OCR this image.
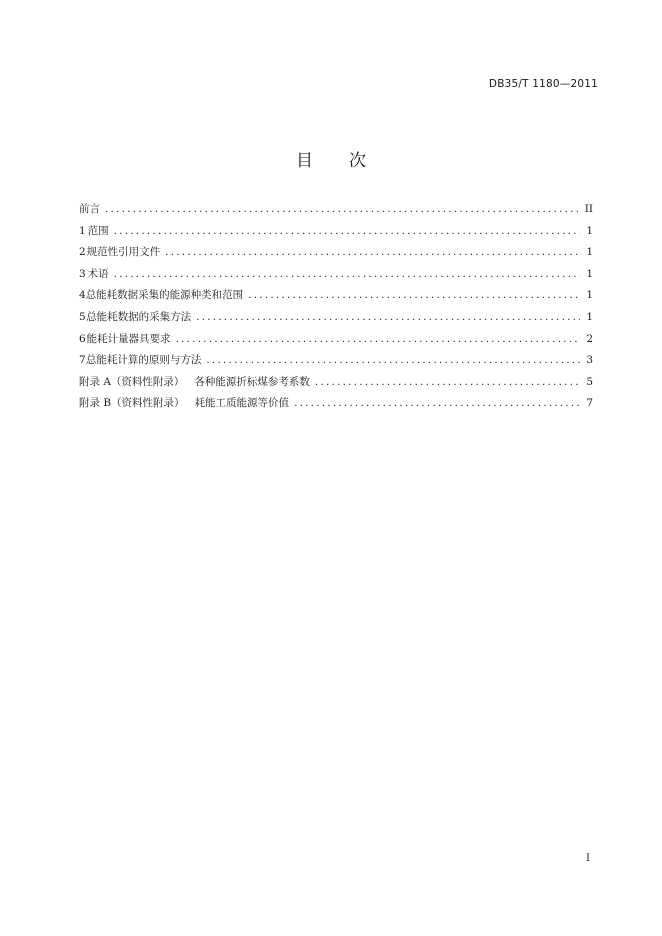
DB35/T 1180—2011
目 次
前言 .....	II
1 范围 .....	1
2 规范性引用文件 .....	1
3 术语 .....	1
4 总能耗数据采集的能源种类和范围 .....	1
5 总能耗数据的采集方法 .....	1
6 能耗计量器具要求 .....	2
7 总能耗计算的原则与方法 .....	3
附录 A（资料性附录） 各种能源折标煤参考系数 .....	5
附录 B（资料性附录） 耗能工质能源等价值 .....	7
I
